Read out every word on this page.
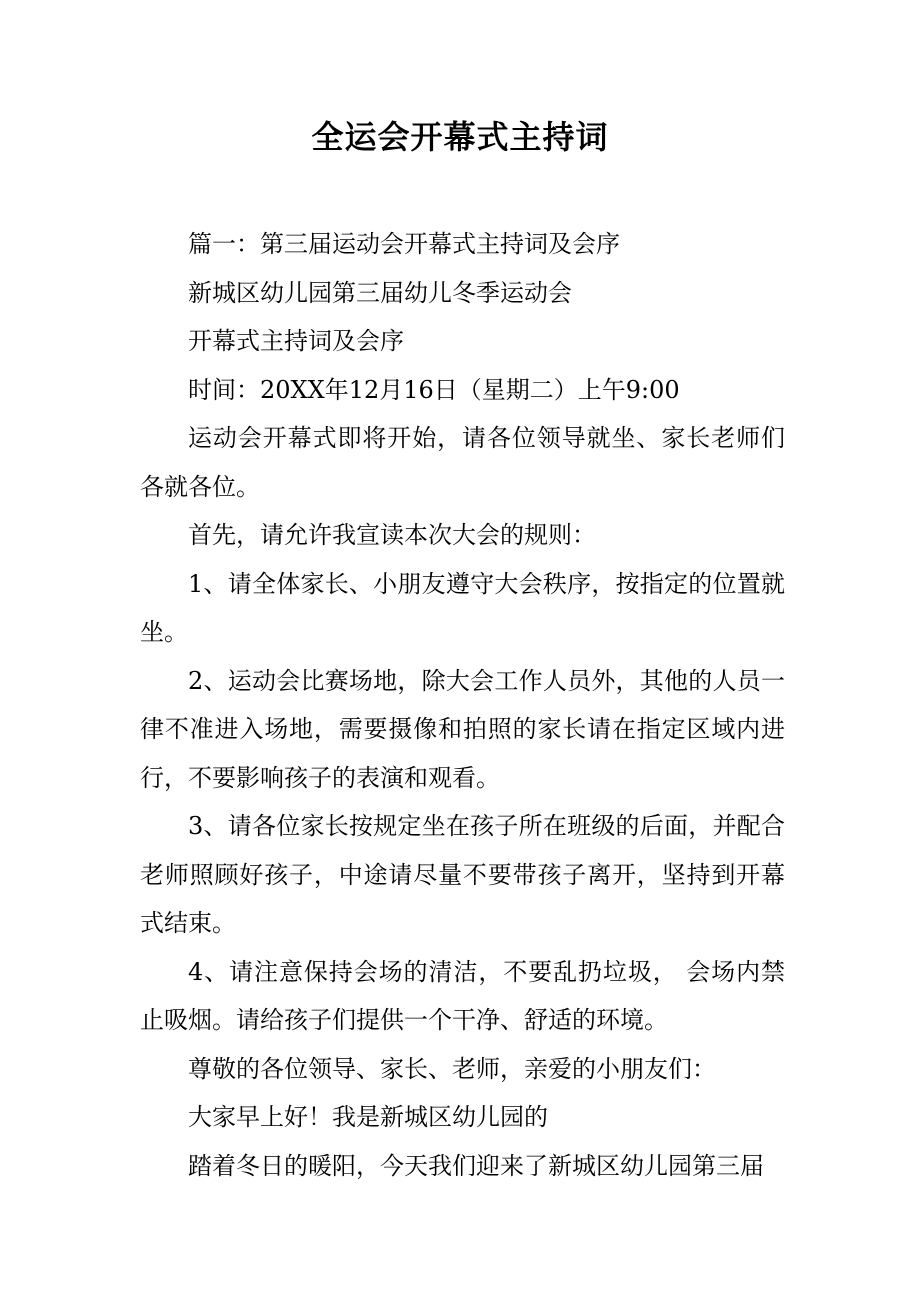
全运会开幕式主持词

篇一：第三届运动会开幕式主持词及会序

新城区幼儿园第三届幼儿冬季运动会

开幕式主持词及会序

时间：20XX年12月16日（星期二）上午9:00

运动会开幕式即将开始，请各位领导就坐、家长老师们各就各位。

首先，请允许我宣读本次大会的规则：

1、请全体家长、小朋友遵守大会秩序，按指定的位置就坐。

2、运动会比赛场地，除大会工作人员外，其他的人员一律不准进入场地，需要摄像和拍照的家长请在指定区域内进行，不要影响孩子的表演和观看。

3、请各位家长按规定坐在孩子所在班级的后面，并配合老师照顾好孩子，中途请尽量不要带孩子离开，坚持到开幕式结束。

4、请注意保持会场的清洁，不要乱扔垃圾， 会场内禁止吸烟。请给孩子们提供一个干净、舒适的环境。

尊敬的各位领导、家长、老师，亲爱的小朋友们：

大家早上好！我是新城区幼儿园的

踏着冬日的暖阳，今天我们迎来了新城区幼儿园第三届
